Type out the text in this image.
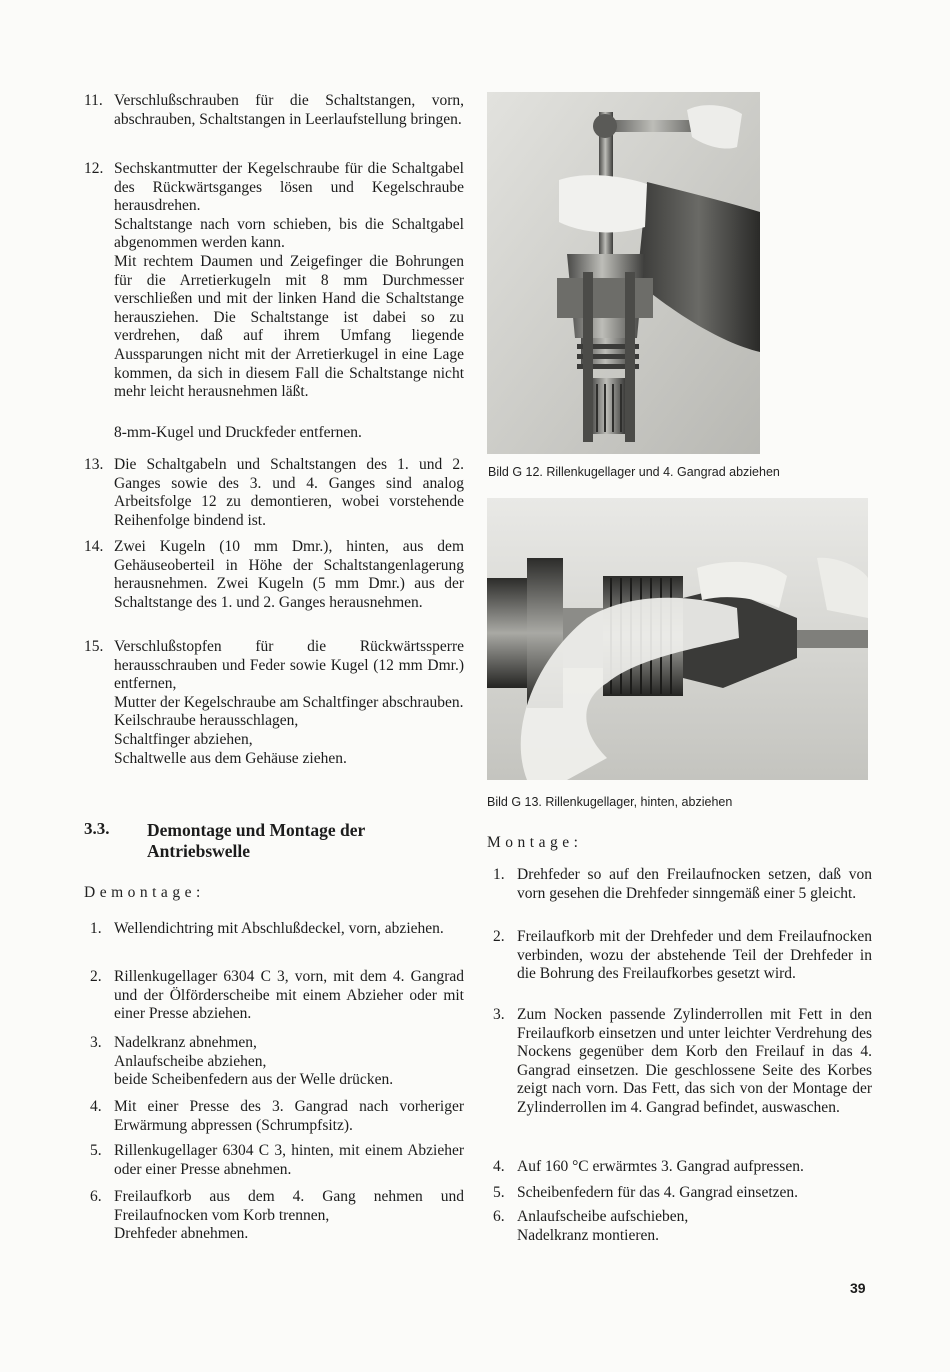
11. Verschlußschrauben für die Schaltstangen, vorn, abschrauben, Schaltstangen in Leerlaufstellung bringen.

12. Sechskantmutter der Kegelschraube für die Schaltgabel des Rückwärtsganges lösen und Kegelschraube herausdrehen.

Schaltstange nach vorn schieben, bis die Schaltgabel abgenommen werden kann.

Mit rechtem Daumen und Zeigefinger die Bohrungen für die Arretierkugeln mit 8 mm Durchmesser verschließen und mit der linken Hand die Schaltstange herausziehen. Die Schaltstange ist dabei so zu verdrehen, daß auf ihrem Umfang liegende Aussparungen nicht mit der Arretierkugel in eine Lage kommen, da sich in diesem Fall die Schaltstange nicht mehr leicht herausnehmen läßt.

8-mm-Kugel und Druckfeder entfernen.

13. Die Schaltgabeln und Schaltstangen des 1. und 2. Ganges sowie des 3. und 4. Ganges sind analog Arbeitsfolge 12 zu demontieren, wobei vorstehende Reihenfolge bindend ist.

14. Zwei Kugeln (10 mm Dmr.), hinten, aus dem Gehäuseoberteil in Höhe der Schaltstangenlagerung herausnehmen. Zwei Kugeln (5 mm Dmr.) aus der Schaltstange des 1. und 2. Ganges herausnehmen.

15. Verschlußstopfen für die Rückwärtssperre herausschrauben und Feder sowie Kugel (12 mm Dmr.) entfernen,

Mutter der Kegelschraube am Schaltfinger abschrauben.

Keilschraube herausschlagen,

Schaltfinger abziehen,

Schaltwelle aus dem Gehäuse ziehen.

3.3. Demontage und Montage der Antriebswelle
Demontage:
1. Wellendichtring mit Abschlußdeckel, vorn, abziehen.

2. Rillenkugellager 6304 C 3, vorn, mit dem 4. Gangrad und der Ölförderscheibe mit einem Abzieher oder mit einer Presse abziehen.

3. Nadelkranz abnehmen,

Anlaufscheibe abziehen,

beide Scheibenfedern aus der Welle drücken.

4. Mit einer Presse des 3. Gangrad nach vorheriger Erwärmung abpressen (Schrumpfsitz).

5. Rillenkugellager 6304 C 3, hinten, mit einem Abzieher oder einer Presse abnehmen.

6. Freilaufkorb aus dem 4. Gang nehmen und Freilaufnocken vom Korb trennen,

Drehfeder abnehmen.

Bild G 12. Rillenkugellager und 4. Gangrad abziehen
Bild G 13. Rillenkugellager, hinten, abziehen
Montage:
1. Drehfeder so auf den Freilaufnocken setzen, daß von vorn gesehen die Drehfeder sinngemäß einer 5 gleicht.

2. Freilaufkorb mit der Drehfeder und dem Freilaufnocken verbinden, wozu der abstehende Teil der Drehfeder in die Bohrung des Freilaufkorbes gesetzt wird.

3. Zum Nocken passende Zylinderrollen mit Fett in den Freilaufkorb einsetzen und unter leichter Verdrehung des Nockens gegenüber dem Korb den Freilauf in das 4. Gangrad einsetzen. Die geschlossene Seite des Korbes zeigt nach vorn. Das Fett, das sich von der Montage der Zylinderrollen im 4. Gangrad befindet, auswaschen.

4. Auf 160 °C erwärmtes 3. Gangrad aufpressen.

5. Scheibenfedern für das 4. Gangrad einsetzen.

6. Anlaufscheibe aufschieben,

Nadelkranz montieren.

39
